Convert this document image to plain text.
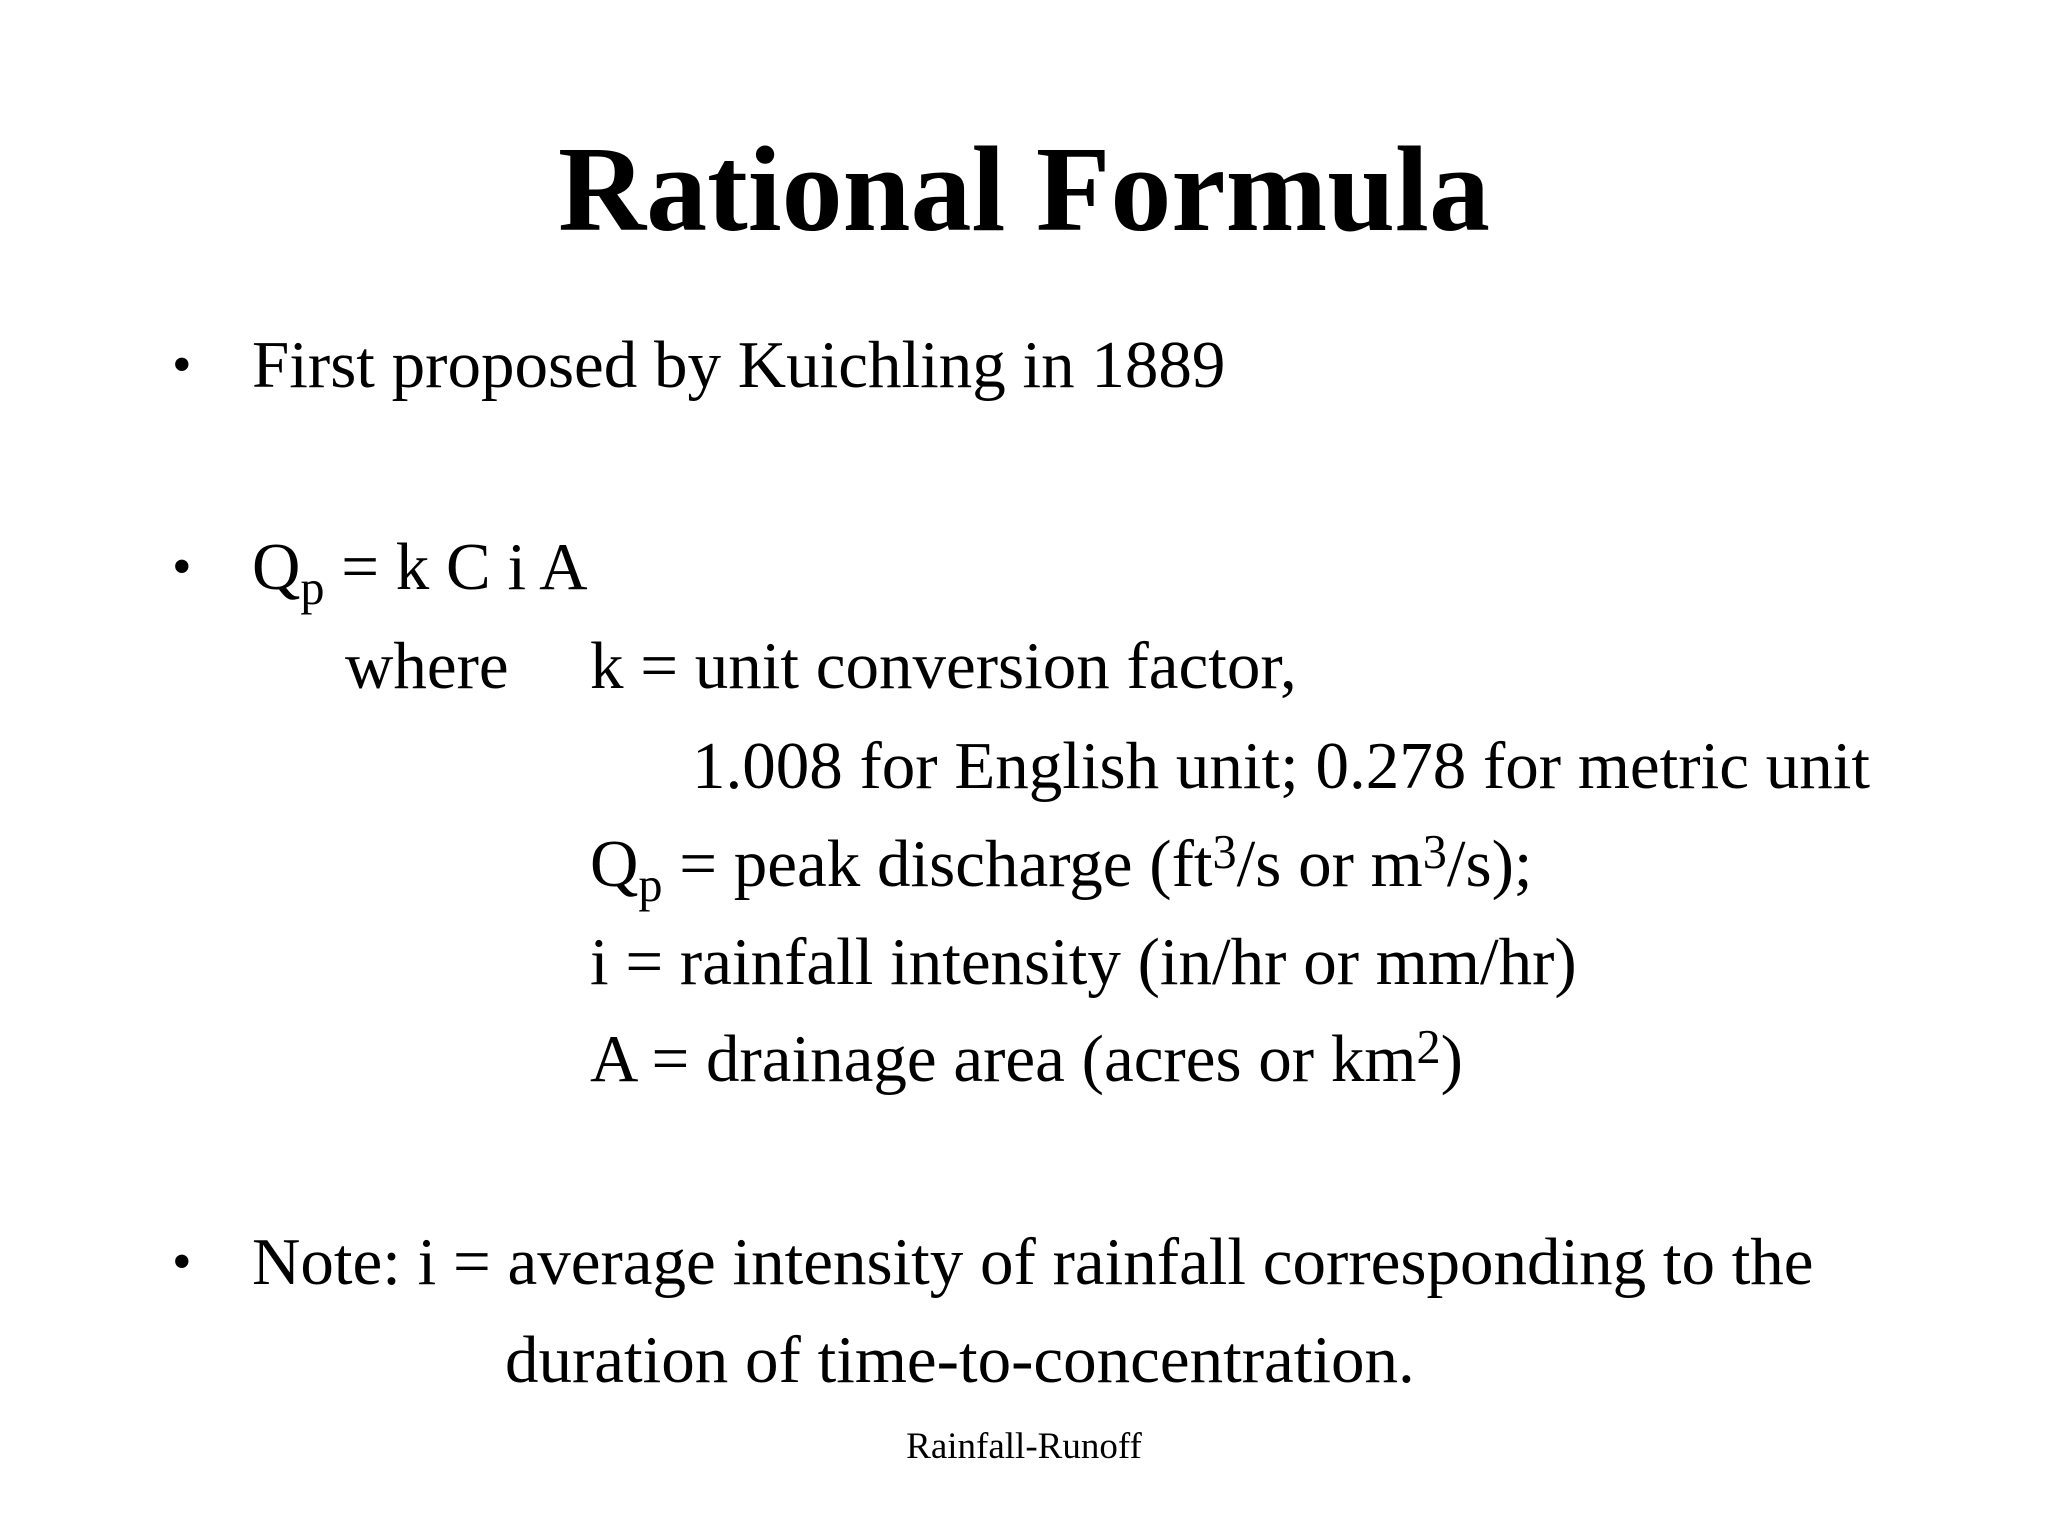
Rational Formula
• First proposed by Kuichling in 1889
• $Q_p = k$ C i A
where k = unit conversion factor,
1.008 for English unit; 0.278 for metric unit
$Q_p$ = peak discharge ($ft^3/s$ or $m^3/s$);
i = rainfall intensity (in/hr or mm/hr)
A = drainage area (acres or $km^2$)
• Note: i = average intensity of rainfall corresponding to the
duration of time-to-concentration.
Rainfall-Runoff
